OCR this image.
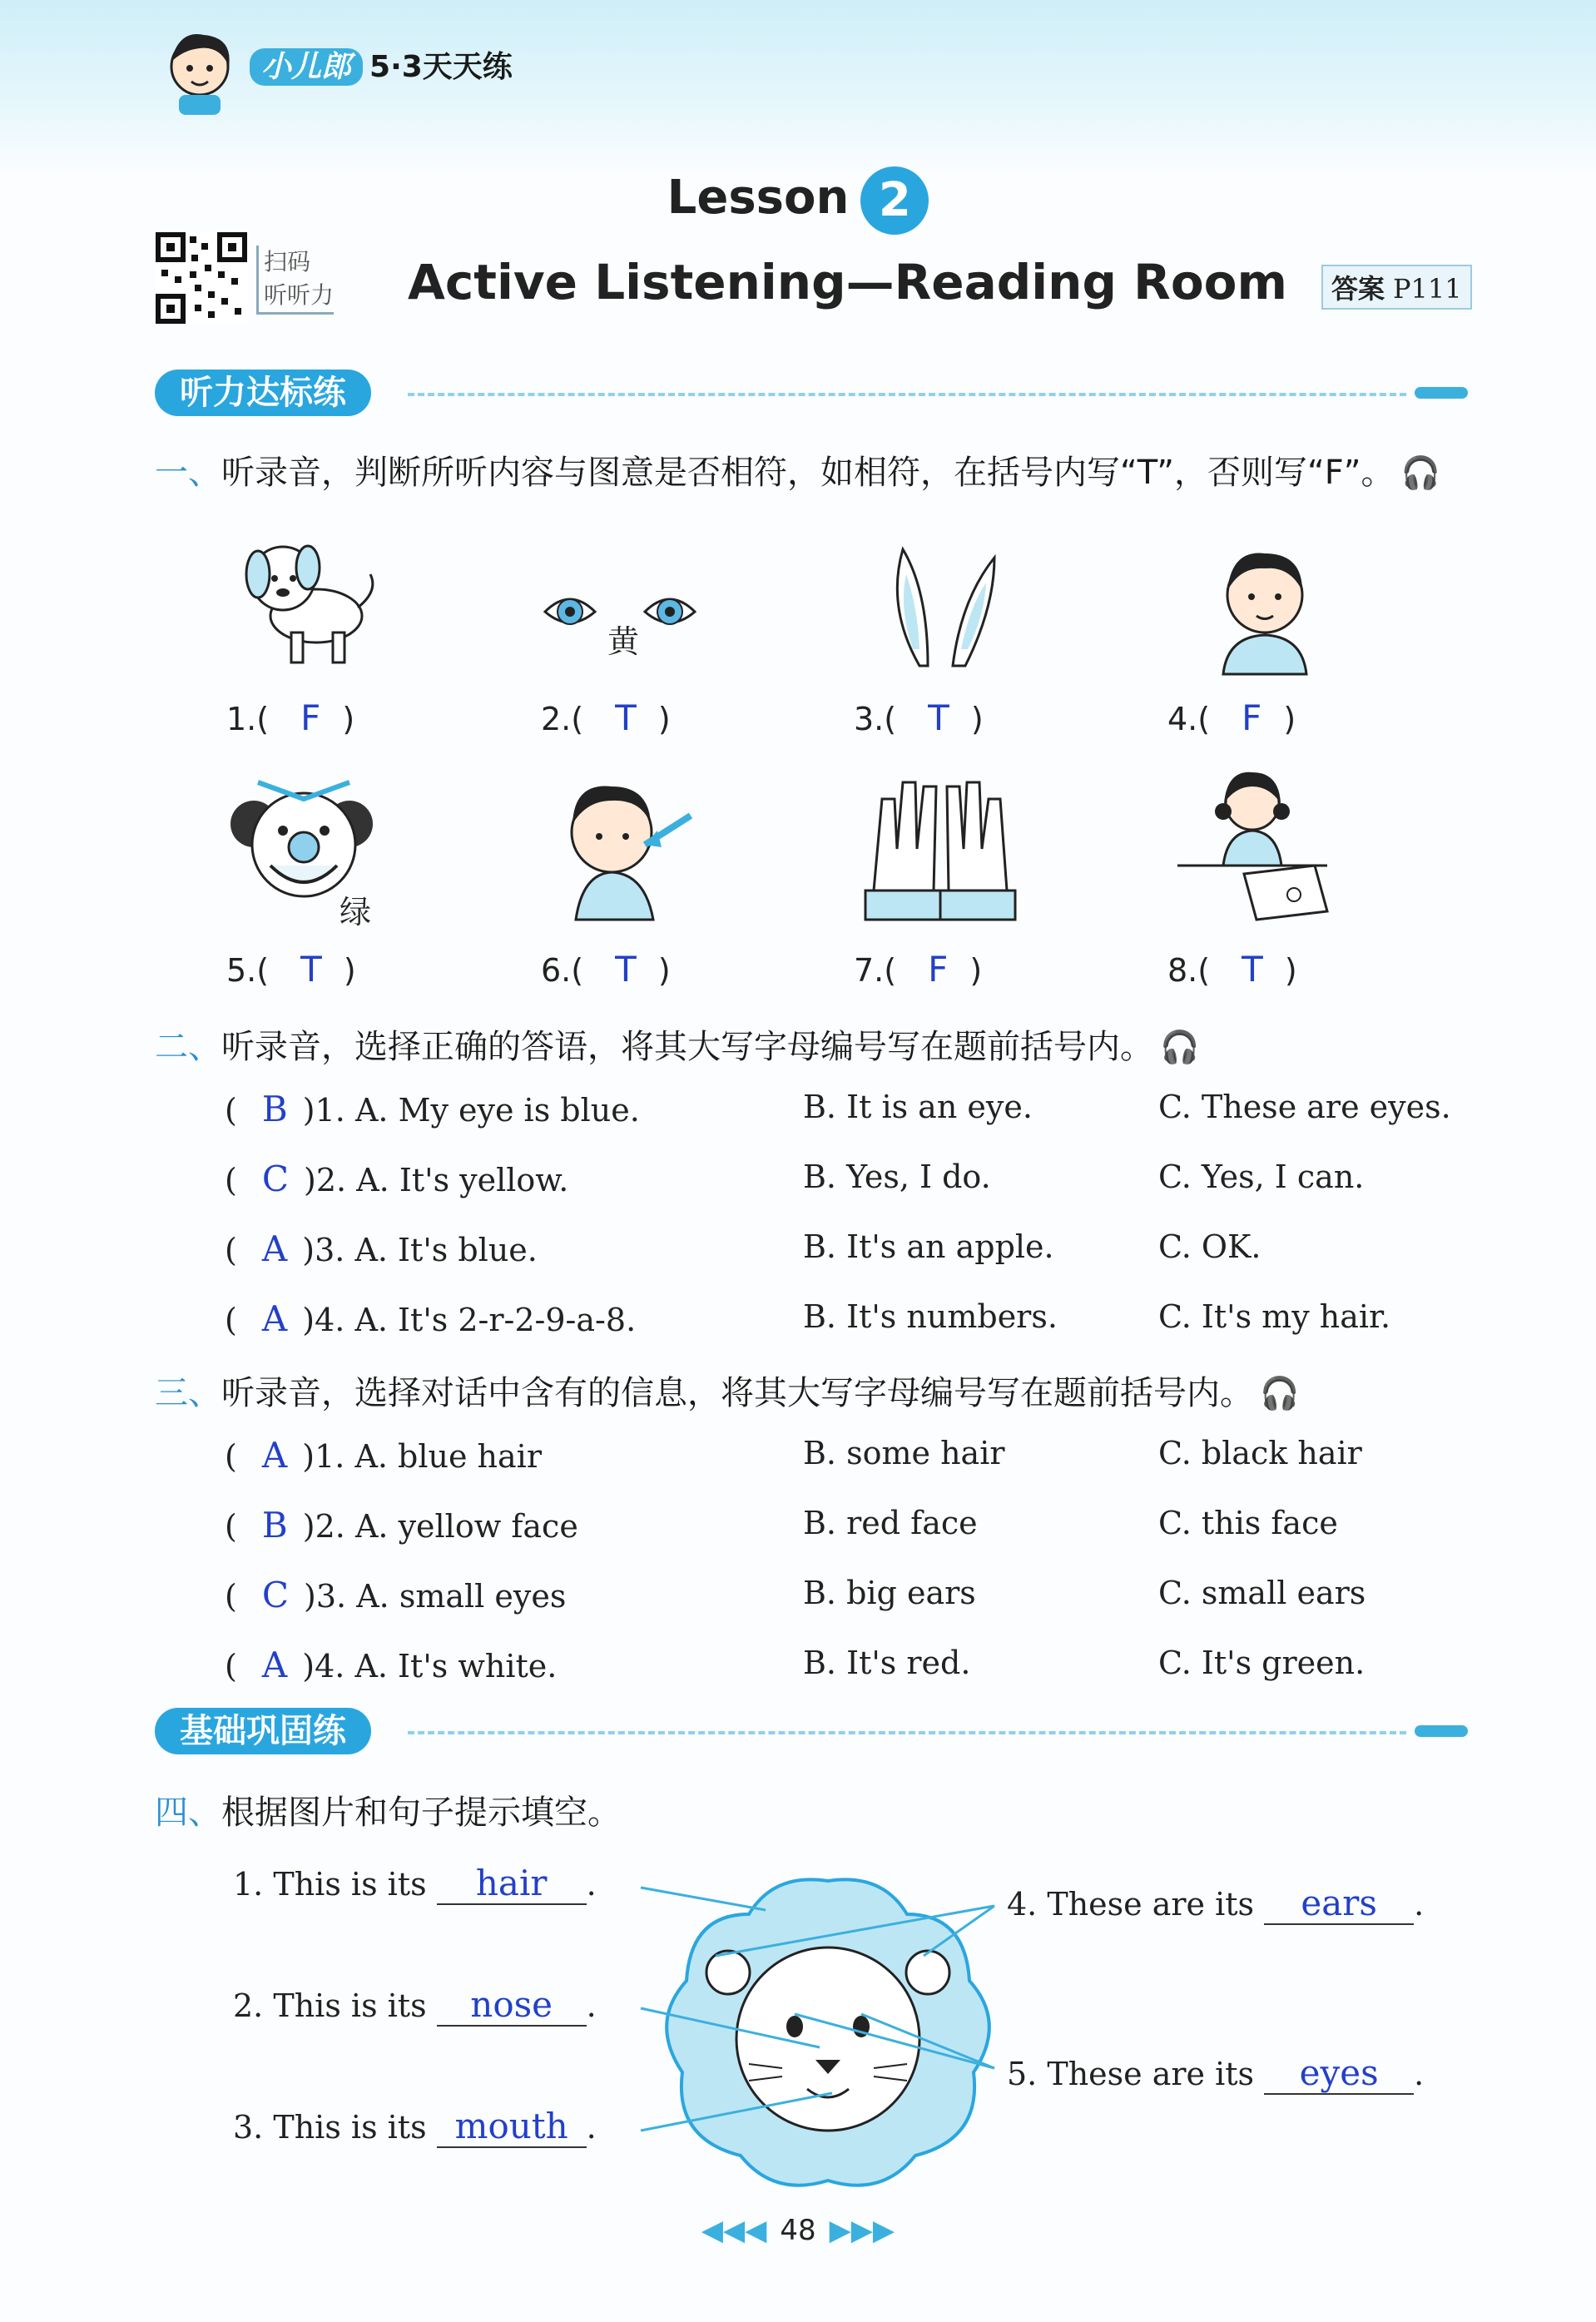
小儿郎 5·3天天练
Lesson 2
扫码
听听力 Active Listening—Reading Room	答案 P111
听力达标练
一、听录音，判断所听内容与图意是否相符，如相符，在括号内写“T”，否则写“F”。 🎧
黄
1.( F )	2.( T )	3.( T )	4.( F )
绿
5.( T )	6.( T )	7.( F )	8.( T )
二、听录音，选择正确的答语，将其大写字母编号写在题前括号内。 🎧
( B )1. A. My eye is blue.	B. It is an eye.	C. These are eyes.
( C )2. A. It's yellow.	B. Yes, I do.	C. Yes, I can.
( A )3. A. It's blue.	B. It's an apple.	C. OK.
( A )4. A. It's 2-r-2-9-a-8.	B. It's numbers.	C. It's my hair.
三、听录音，选择对话中含有的信息，将其大写字母编号写在题前括号内。 🎧
( A )1. A. blue hair	B. some hair	C. black hair
( B )2. A. yellow face	B. red face	C. this face
( C )3. A. small eyes	B. big ears	C. small ears
( A )4. A. It's white.	B. It's red.	C. It's green.
基础巩固练
四、根据图片和句子提示填空。
1. This is its hair .
2. This is its nose .
3. This is its mouth .
4. These are its ears .
5. These are its eyes .
◀◀◀ 48 ▶▶▶
